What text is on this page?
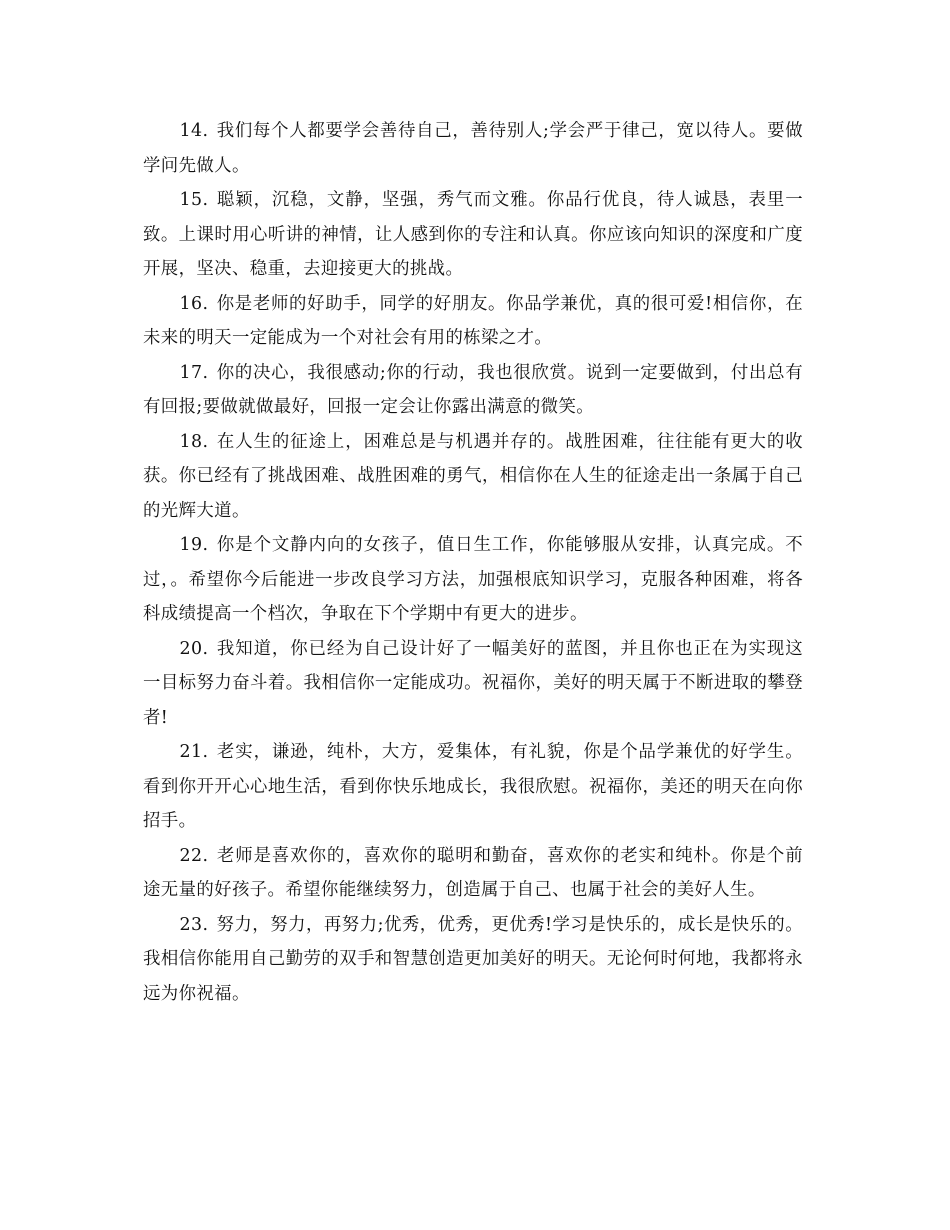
14. 我们每个人都要学会善待自己，善待别人;学会严于律己，宽以待人。要做学问先做人。

15. 聪颖，沉稳，文静，坚强，秀气而文雅。你品行优良，待人诚恳，表里一致。上课时用心听讲的神情，让人感到你的专注和认真。你应该向知识的深度和广度开展，坚决、稳重，去迎接更大的挑战。

16. 你是老师的好助手，同学的好朋友。你品学兼优，真的很可爱!相信你，在未来的明天一定能成为一个对社会有用的栋梁之才。

17. 你的决心，我很感动;你的行动，我也很欣赏。说到一定要做到，付出总有有回报;要做就做最好，回报一定会让你露出满意的微笑。

18. 在人生的征途上，困难总是与机遇并存的。战胜困难，往往能有更大的收获。你已经有了挑战困难、战胜困难的勇气，相信你在人生的征途走出一条属于自己的光辉大道。

19. 你是个文静内向的女孩子，值日生工作，你能够服从安排，认真完成。不过，。希望你今后能进一步改良学习方法，加强根底知识学习，克服各种困难，将各科成绩提高一个档次，争取在下个学期中有更大的进步。

20. 我知道，你已经为自己设计好了一幅美好的蓝图，并且你也正在为实现这一目标努力奋斗着。我相信你一定能成功。祝福你，美好的明天属于不断进取的攀登者!

21. 老实，谦逊，纯朴，大方，爱集体，有礼貌，你是个品学兼优的好学生。看到你开开心心地生活，看到你快乐地成长，我很欣慰。祝福你，美还的明天在向你招手。

22. 老师是喜欢你的，喜欢你的聪明和勤奋，喜欢你的老实和纯朴。你是个前途无量的好孩子。希望你能继续努力，创造属于自己、也属于社会的美好人生。

23. 努力，努力，再努力;优秀，优秀，更优秀!学习是快乐的，成长是快乐的。我相信你能用自己勤劳的双手和智慧创造更加美好的明天。无论何时何地，我都将永远为你祝福。
